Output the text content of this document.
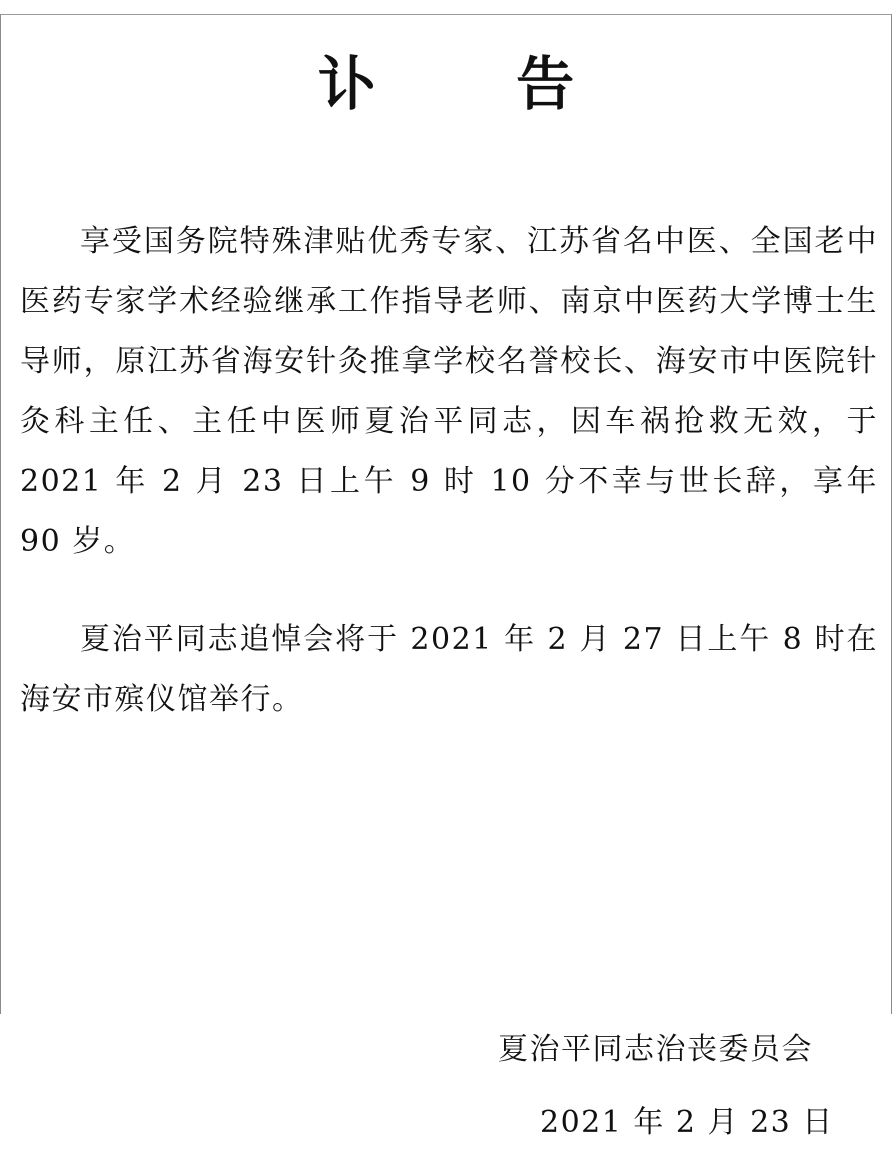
讣 告

享受国务院特殊津贴优秀专家、江苏省名中医、全国老中医药专家学术经验继承工作指导老师、南京中医药大学博士生导师，原江苏省海安针灸推拿学校名誉校长、海安市中医院针灸科主任、主任中医师夏治平同志，因车祸抢救无效，于 2021 年 2 月 23 日上午 9 时 10 分不幸与世长辞，享年 90 岁。

夏治平同志追悼会将于 2021 年 2 月 27 日上午 8 时在海安市殡仪馆举行。

夏治平同志治丧委员会
2021 年 2 月 23 日
